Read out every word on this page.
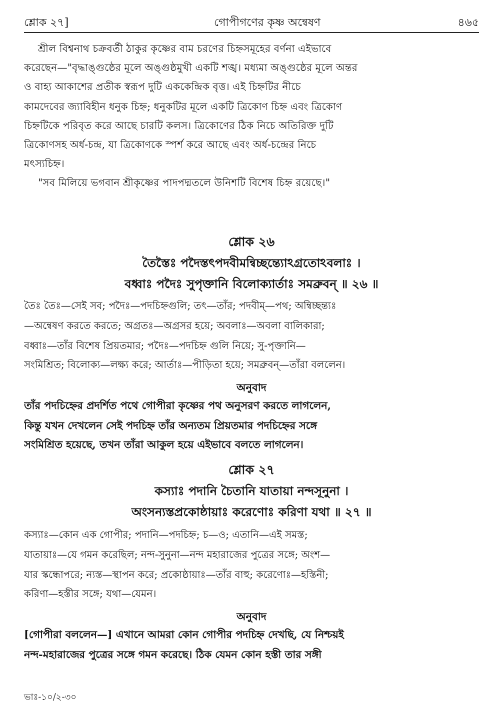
শ্লোক ২৭]	গোপীগণের কৃষ্ণ অন্বেষণ	৪৬৫
শ্রীল বিশ্বনাথ চক্রবর্তী ঠাকুর কৃষ্ণের বাম চরণের চিহ্নসমূহের বর্ণনা এইভাবে
করেছেন—"বৃদ্ধাঙ্গুষ্ঠের মূলে অঙ্গুষ্ঠমুখী একটি শঙ্খ। মধ্যমা অঙ্গুষ্ঠের মূলে অন্তর
ও বাহ্য আকাশের প্রতীক স্বরূপ দুটি এককেন্দ্রিক বৃত্ত। এই চিহ্নটির নীচে
কামদেবের জ্যাবিহীন ধনুক চিহ্ন; ধনুকটির মূলে একটি ত্রিকোণ চিহ্ন এবং ত্রিকোণ
চিহ্নটিকে পরিবৃত করে আছে চারটি কলস। ত্রিকোণের ঠিক নিচে অতিরিক্ত দুটি
ত্রিকোণসহ অর্ধ-চন্দ্র, যা ত্রিকোণকে স্পর্শ করে আছে এবং অর্ধ-চন্দ্রের নিচে
মৎস্যচিহ্ন।
"সব মিলিয়ে ভগবান শ্রীকৃষ্ণের পাদপদ্মতলে উনিশটি বিশেষ চিহ্ন রয়েছে।"
শ্লোক ২৬
তৈস্তৈঃ পদৈস্তৎপদবীমন্বিচ্ছন্ত্যোঽগ্রতোঽবলাঃ ।
বধ্বাঃ পদৈঃ সুপৃক্তানি বিলোক্যার্তাঃ সমব্রুবন্ ॥ ২৬ ॥
তৈঃ তৈঃ—সেই সব; পদৈঃ—পদচিহ্নগুলি; তৎ—তাঁর; পদবীম্—পথ; অন্বিচ্ছন্ত্যঃ
—অন্বেষণ করতে করতে; অগ্রতঃ—অগ্রসর হয়ে; অবলাঃ—অবলা বালিকারা;
বধ্বাঃ—তাঁর বিশেষ প্রিয়তমার; পদৈঃ—পদচিহ্ন গুলি নিয়ে; সু-পৃক্তানি—
সংমিশ্রিত; বিলোক্য—লক্ষ্য করে; আর্তাঃ—পীড়িতা হয়ে; সমব্রুবন্—তাঁরা বললেন।
অনুবাদ
তাঁর পদচিহ্নের প্রদর্শিত পথে গোপীরা কৃষ্ণের পথ অনুসরণ করতে লাগলেন,
কিন্তু যখন দেখলেন সেই পদচিহ্ন তাঁর অন্যতম প্রিয়তমার পদচিহ্নের সঙ্গে
সংমিশ্রিত হয়েছে, তখন তাঁরা আকুল হয়ে এইভাবে বলতে লাগলেন।
শ্লোক ২৭
কস্যাঃ পদানি চৈতানি যাতায়া নন্দসূনুনা ।
অংসন্যস্তপ্রকোষ্ঠায়াঃ করেণোঃ করিণা যথা ॥ ২৭ ॥
কস্যাঃ—কোন এক গোপীর; পদানি—পদচিহ্ন; চ—ও; এতানি—এই সমস্ত;
যাতায়াঃ—যে গমন করেছিল; নন্দ-সুনুনা—নন্দ মহারাজের পুত্রের সঙ্গে; অংশ—
যার স্কন্ধোপরে; ন্যস্ত—স্থাপন করে; প্রকোষ্ঠায়াঃ—তাঁর বাহু; করেণোঃ—হস্তিনী;
করিণা—হস্তীর সঙ্গে; যথা—যেমন।
অনুবাদ
[গোপীরা বললেন—] এখানে আমরা কোন গোপীর পদচিহ্ন দেখছি, যে নিশ্চয়ই
নন্দ-মহারাজের পুত্রের সঙ্গে গমন করেছে। ঠিক যেমন কোন হস্তী তার সঙ্গী
ভাঃ-১০/২-৩০
